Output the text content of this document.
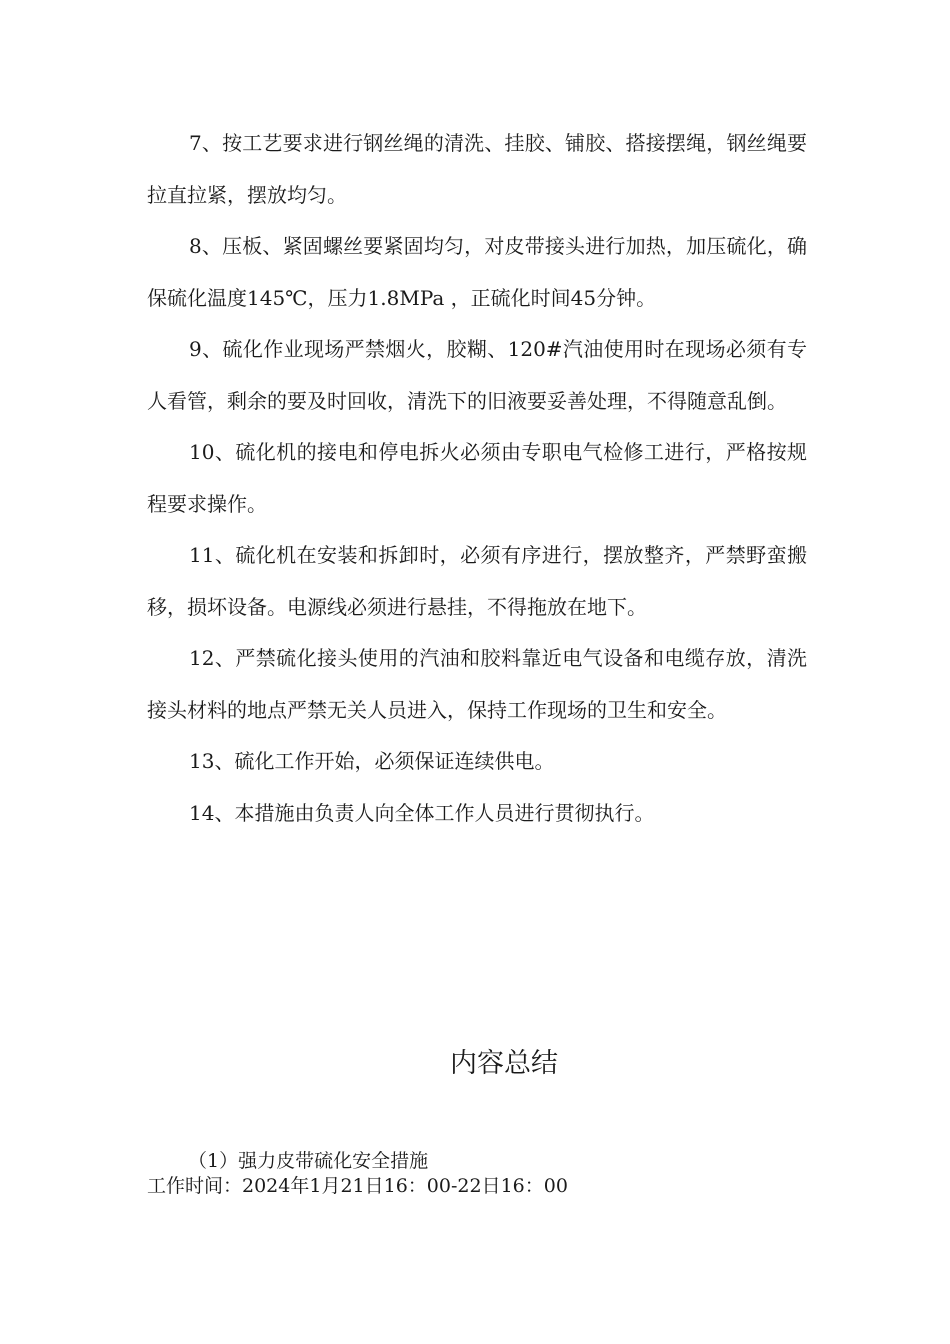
7、按工艺要求进行钢丝绳的清洗、挂胶、铺胶、搭接摆绳，钢丝绳要拉直拉紧，摆放均匀。

8、压板、紧固螺丝要紧固均匀，对皮带接头进行加热，加压硫化，确保硫化温度145℃，压力1.8MPa ，正硫化时间45分钟。

9、硫化作业现场严禁烟火，胶糊、120#汽油使用时在现场必须有专人看管，剩余的要及时回收，清洗下的旧液要妥善处理，不得随意乱倒。

10、硫化机的接电和停电拆火必须由专职电气检修工进行，严格按规程要求操作。

11、硫化机在安装和拆卸时，必须有序进行，摆放整齐，严禁野蛮搬移，损坏设备。电源线必须进行悬挂，不得拖放在地下。

12、严禁硫化接头使用的汽油和胶料靠近电气设备和电缆存放，清洗接头材料的地点严禁无关人员进入，保持工作现场的卫生和安全。

13、硫化工作开始，必须保证连续供电。

14、本措施由负责人向全体工作人员进行贯彻执行。

内容总结
（1）强力皮带硫化安全措施
工作时间：2024年1月21日16：00-22日16：00
